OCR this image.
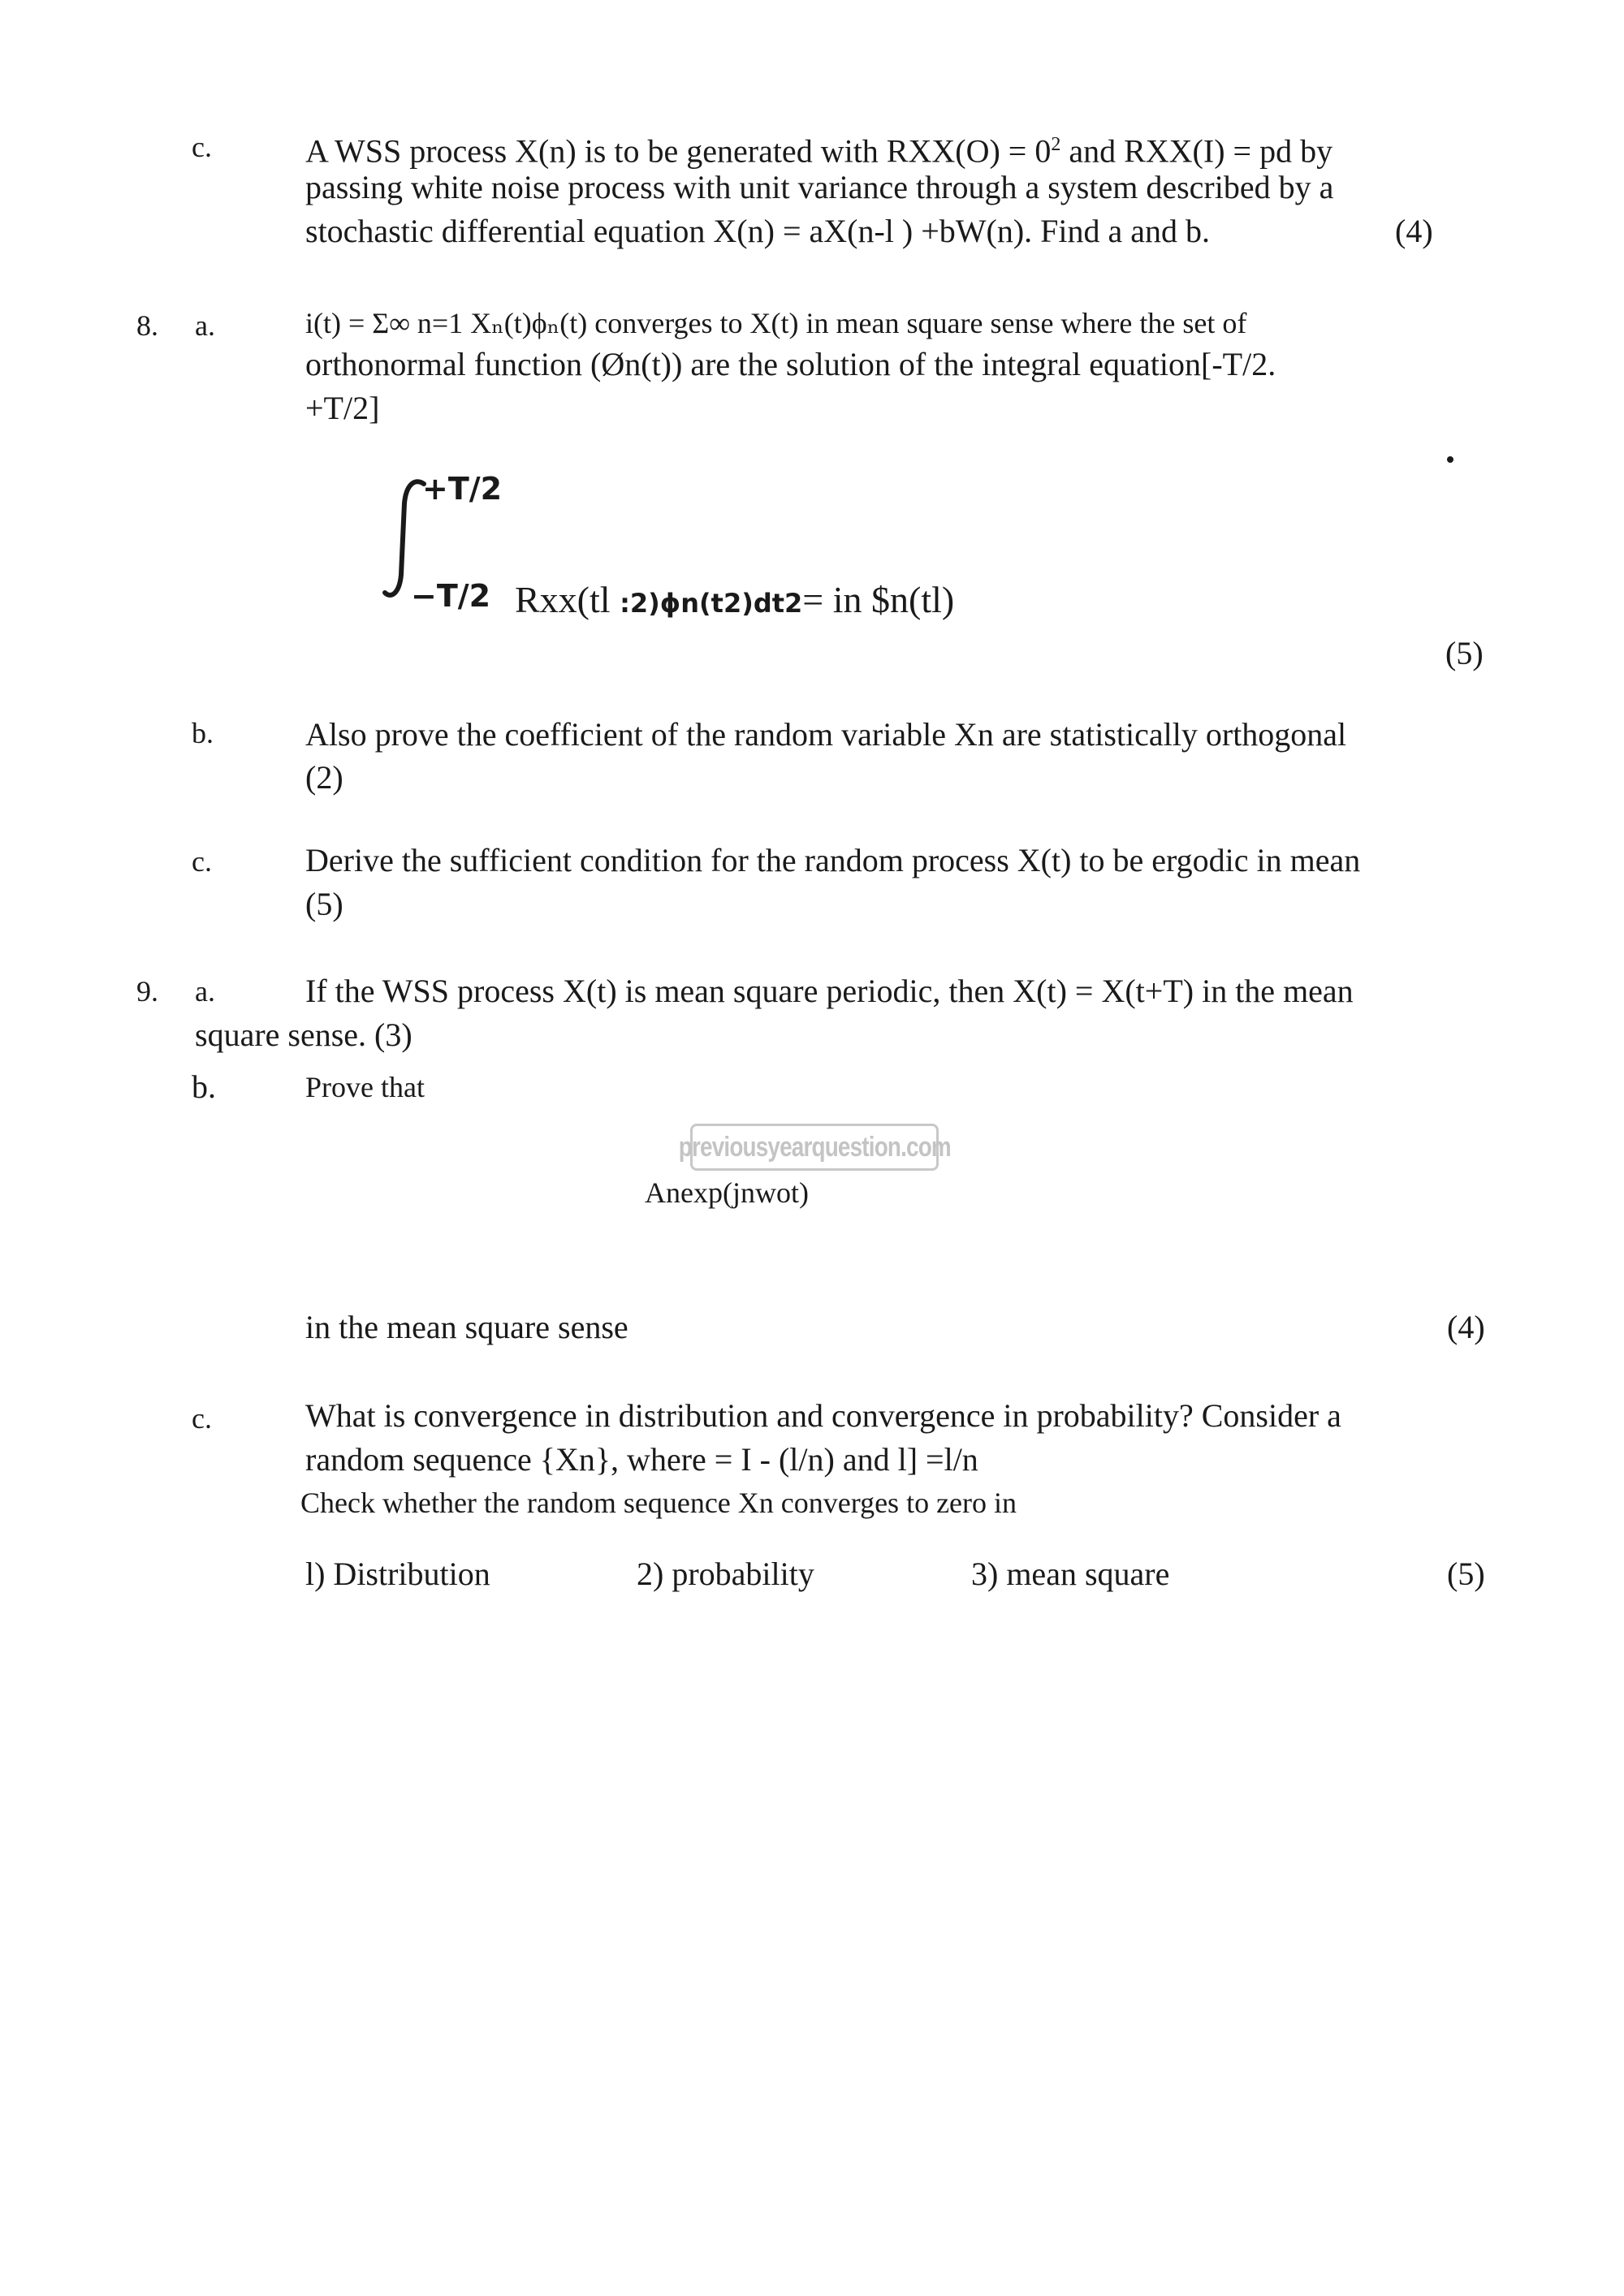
c.	A WSS process X(n) is to be generated with $RXX(O) = 0^2$ and RXX(I) = pd by
passing white noise process with unit variance through a system described by a
stochastic differential equation X(n) = aX(n-l ) +bW(n). Find a and b.	(4)
8. a.	i(t) = Σ∞ n=1 Xₙ(t)ϕₙ(t) converges to X(t) in mean square sense where the set of
orthonormal function (Øn(t)) are the solution of the integral equation[-T/2.
+T/2]
+T/2
−T/2 Rxx(tl :2)ϕn(t2)dt2= in $n(tl)
(5)
b.	Also prove the coefficient of the random variable Xn are statistically orthogonal
(2)
c.	Derive the sufficient condition for the random process X(t) to be ergodic in mean
(5)
9. a.	If the WSS process X(t) is mean square periodic, then X(t) = X(t+T) in the mean
square sense. (3)
b.	Prove that
previousyearquestion.com
Anexp(jnwot)
in the mean square sense	(4)
c.	What is convergence in distribution and convergence in probability? Consider a
random sequence {Xn}, where = I - (l/n) and l] =l/n
Check whether the random sequence Xn converges to zero in
l) Distribution	2) probability	3) mean square	(5)
